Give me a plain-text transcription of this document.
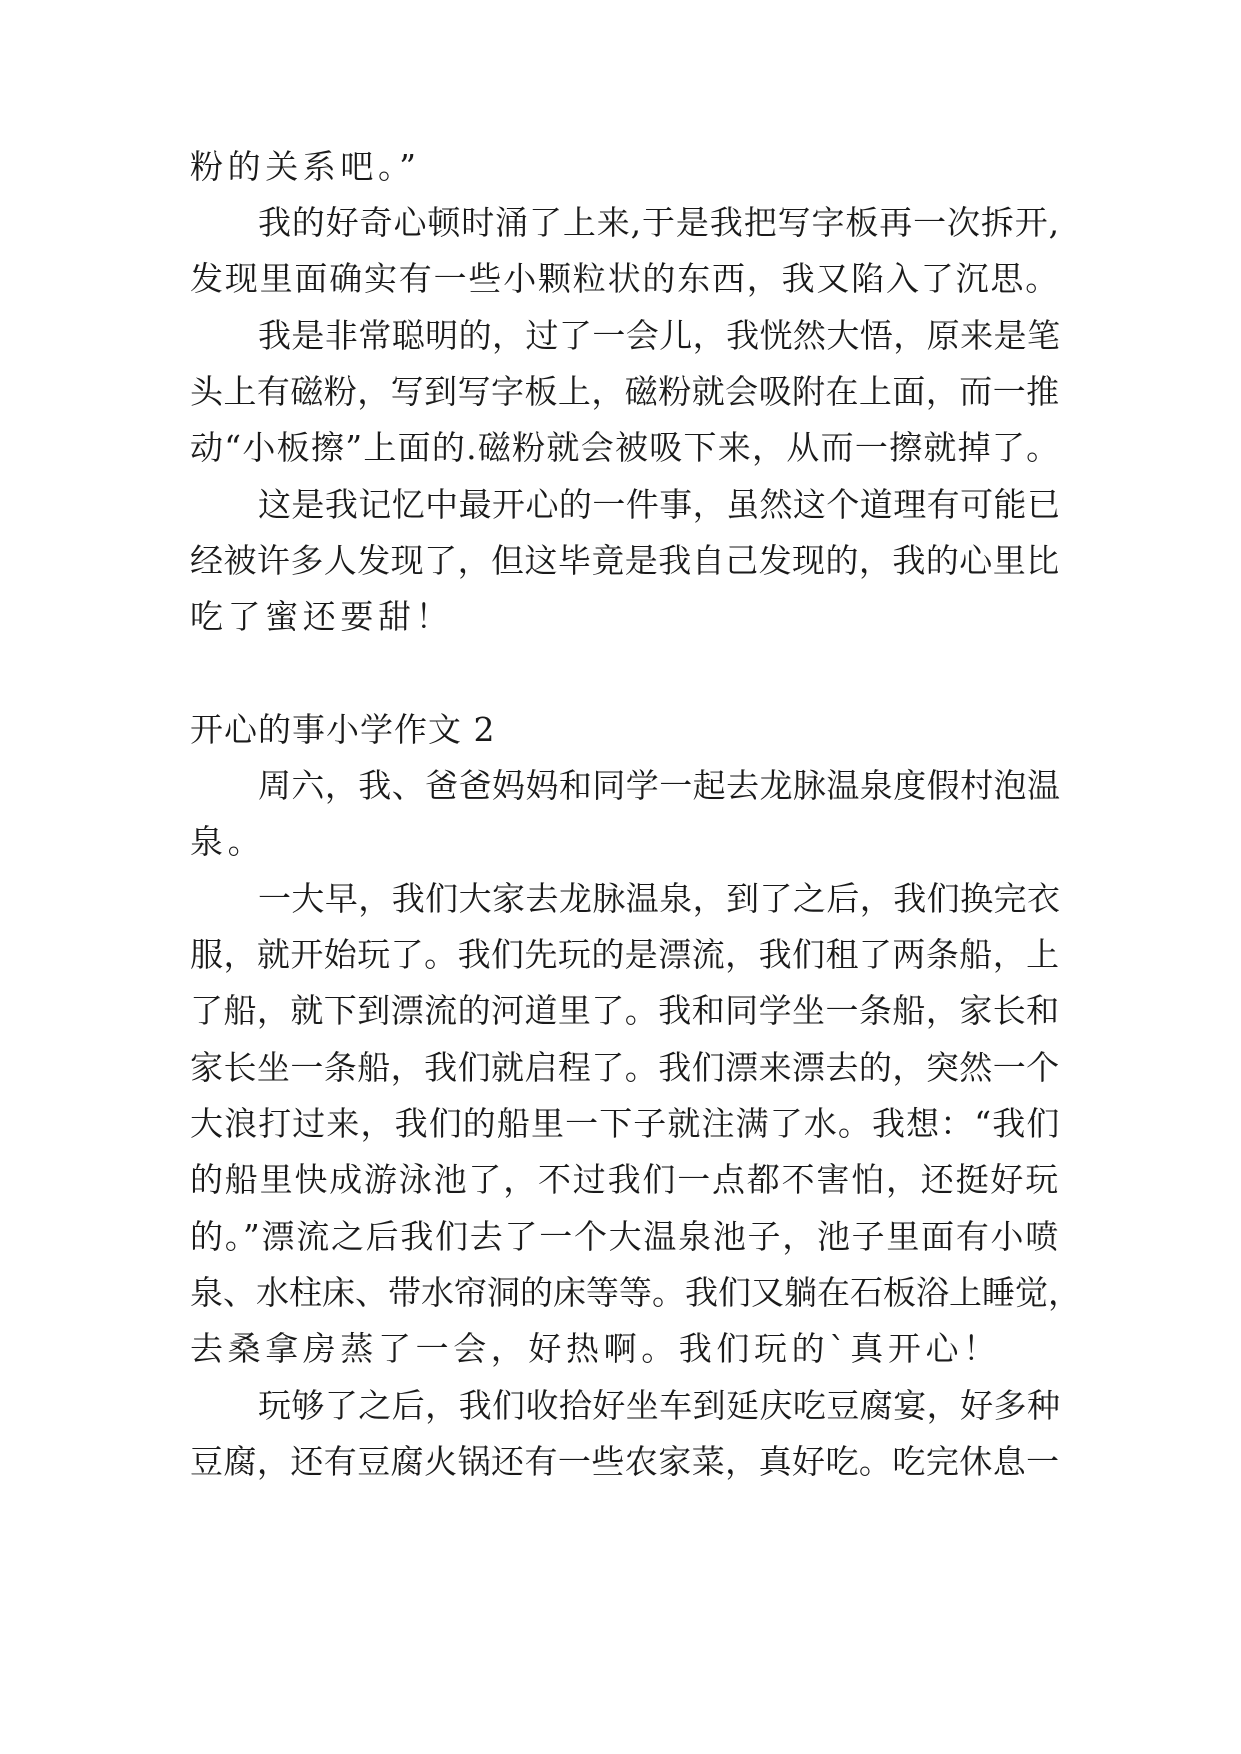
粉的关系吧。”
我的好奇心顿时涌了上来,于是我把写字板再一次拆开,
发现里面确实有一些小颗粒状的东西，我又陷入了沉思。
我是非常聪明的，过了一会儿，我恍然大悟，原来是笔
头上有磁粉，写到写字板上，磁粉就会吸附在上面，而一推
动“小板擦”上面的.磁粉就会被吸下来，从而一擦就掉了。
这是我记忆中最开心的一件事，虽然这个道理有可能已
经被许多人发现了，但这毕竟是我自己发现的，我的心里比
吃了蜜还要甜！
开心的事小学作文 2
周六，我、爸爸妈妈和同学一起去龙脉温泉度假村泡温
泉。
一大早，我们大家去龙脉温泉，到了之后，我们换完衣
服，就开始玩了。我们先玩的是漂流，我们租了两条船，上
了船，就下到漂流的河道里了。我和同学坐一条船，家长和
家长坐一条船，我们就启程了。我们漂来漂去的，突然一个
大浪打过来，我们的船里一下子就注满了水。我想：“我们
的船里快成游泳池了，不过我们一点都不害怕，还挺好玩
的。”漂流之后我们去了一个大温泉池子，池子里面有小喷
泉、水柱床、带水帘洞的床等等。我们又躺在石板浴上睡觉，
去桑拿房蒸了一会，好热啊。我们玩的`真开心！
玩够了之后，我们收拾好坐车到延庆吃豆腐宴，好多种
豆腐，还有豆腐火锅还有一些农家菜，真好吃。吃完休息一
